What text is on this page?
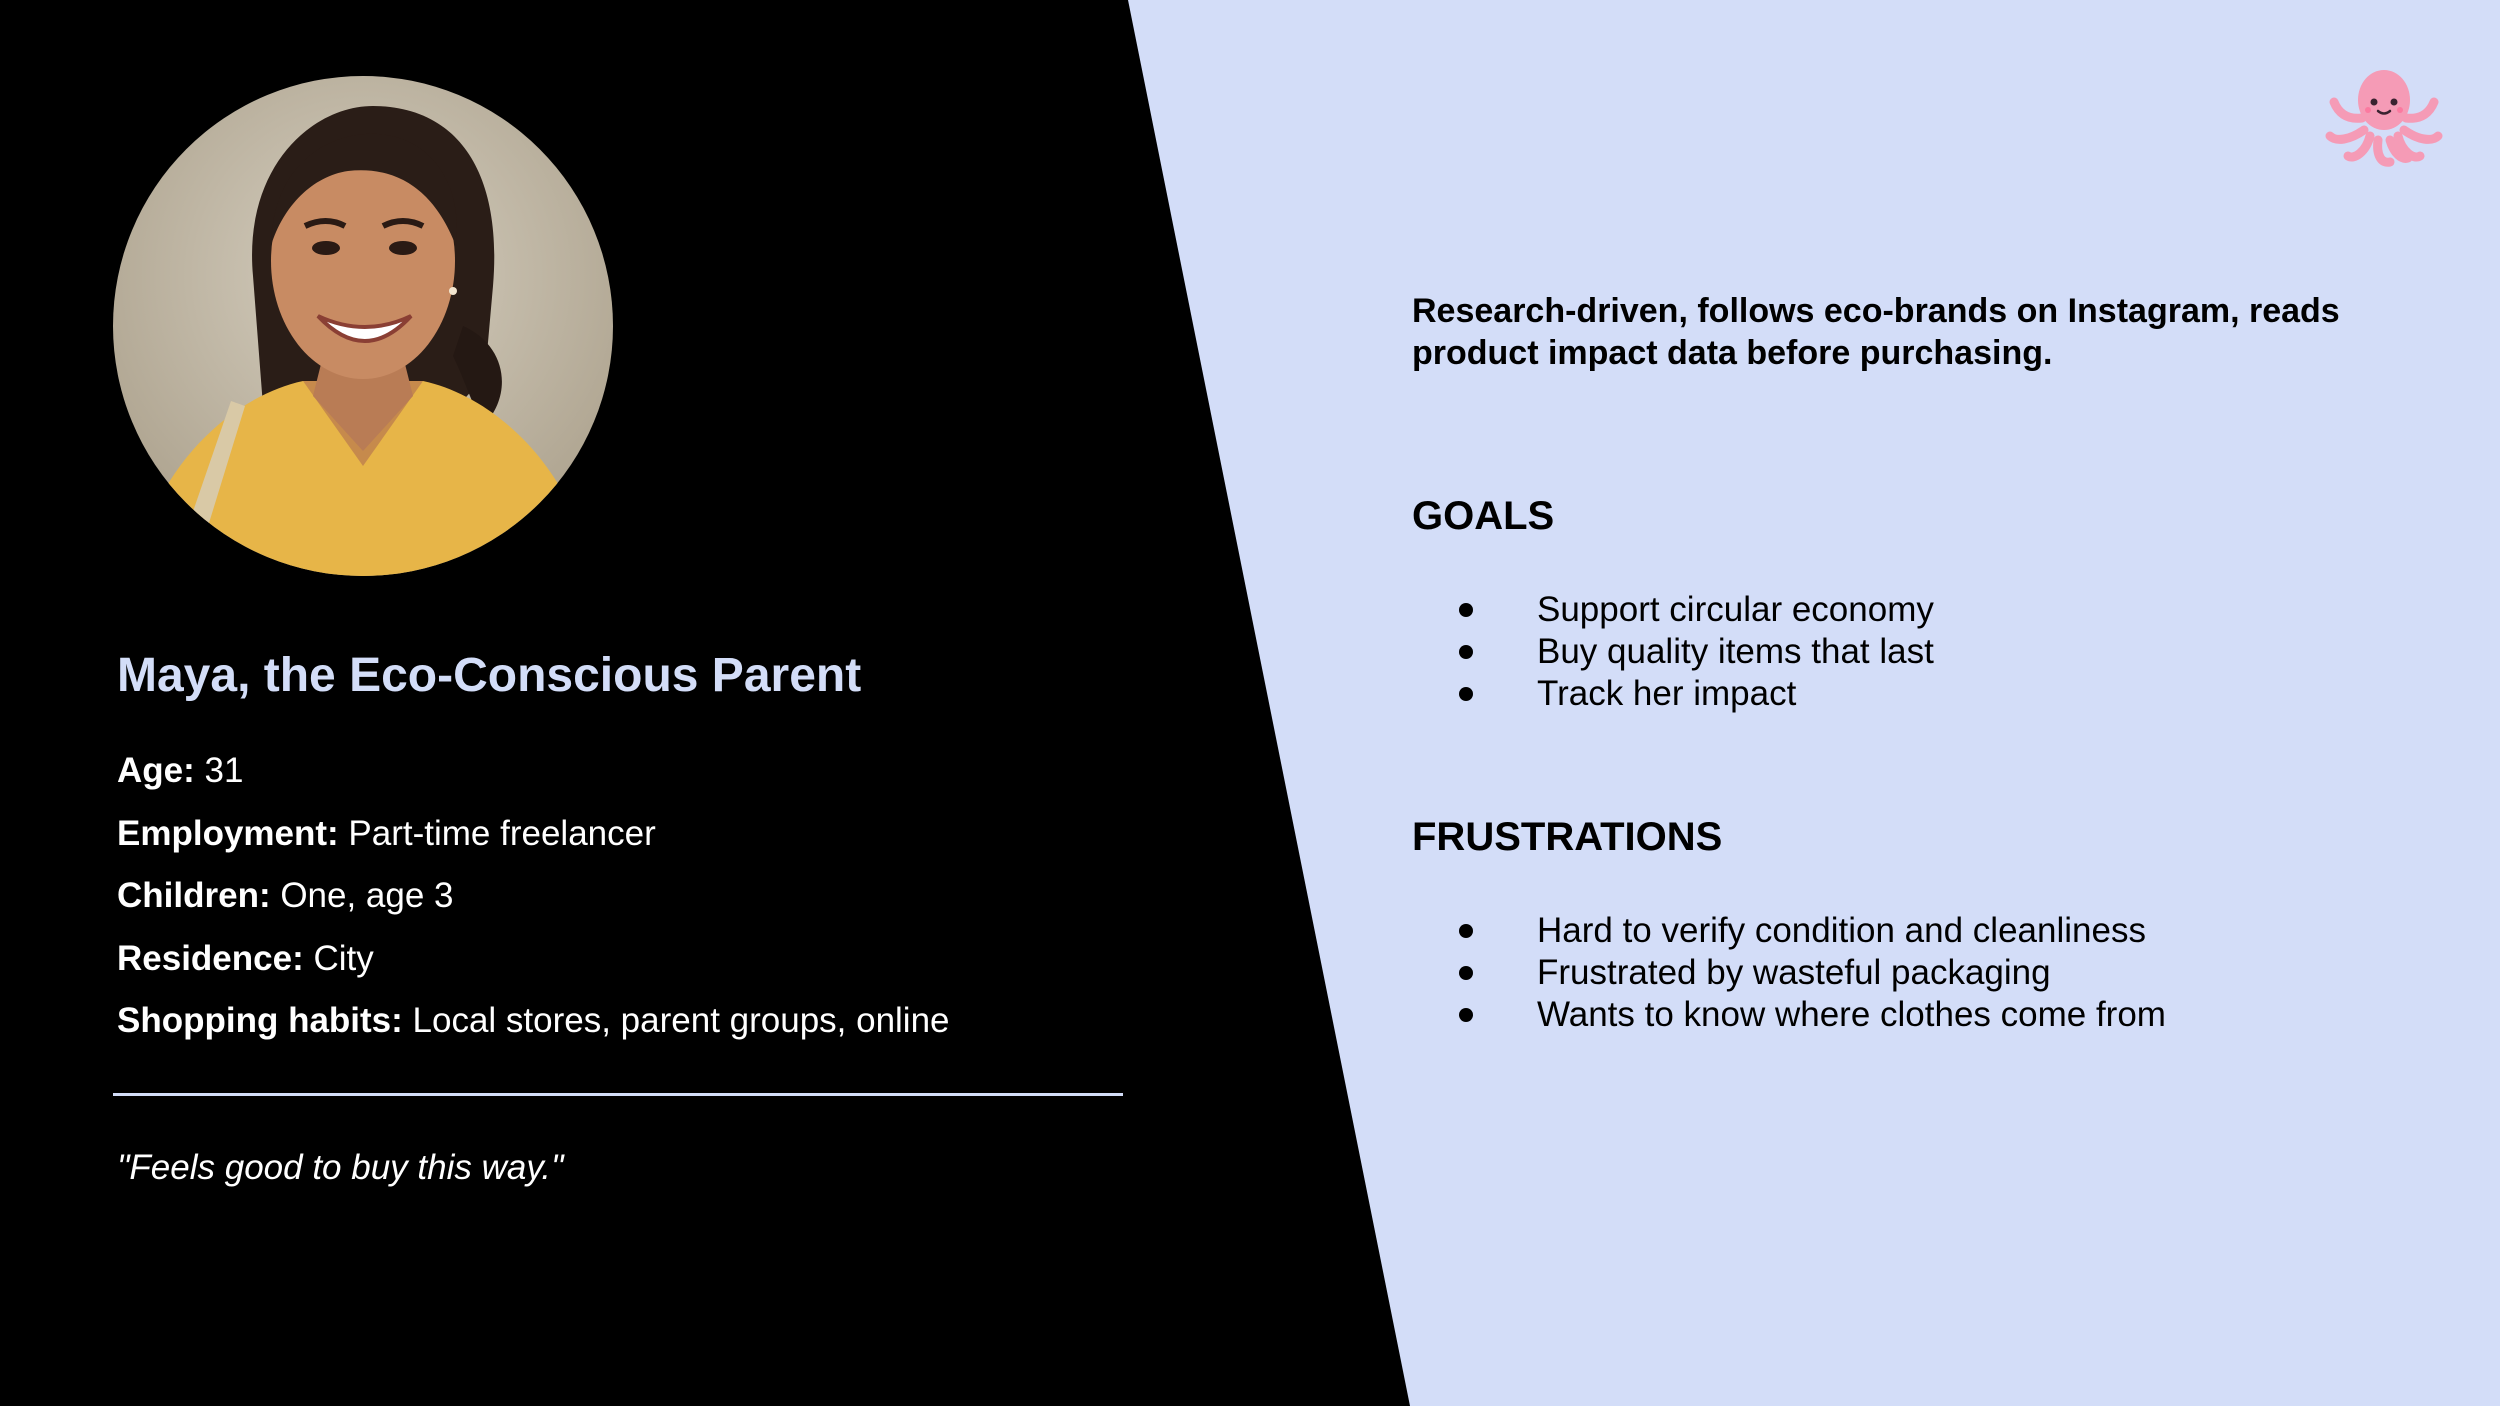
Maya, the Eco-Conscious Parent
Age: 31
Employment: Part-time freelancer
Children: One, age 3
Residence: City
Shopping habits: Local stores, parent groups, online

"Feels good to buy this way."

Research-driven, follows eco-brands on Instagram, reads product impact data before purchasing.

GOALS
Support circular economy
Buy quality items that last
Track her impact
FRUSTRATIONS
Hard to verify condition and cleanliness
Frustrated by wasteful packaging
Wants to know where clothes come from
